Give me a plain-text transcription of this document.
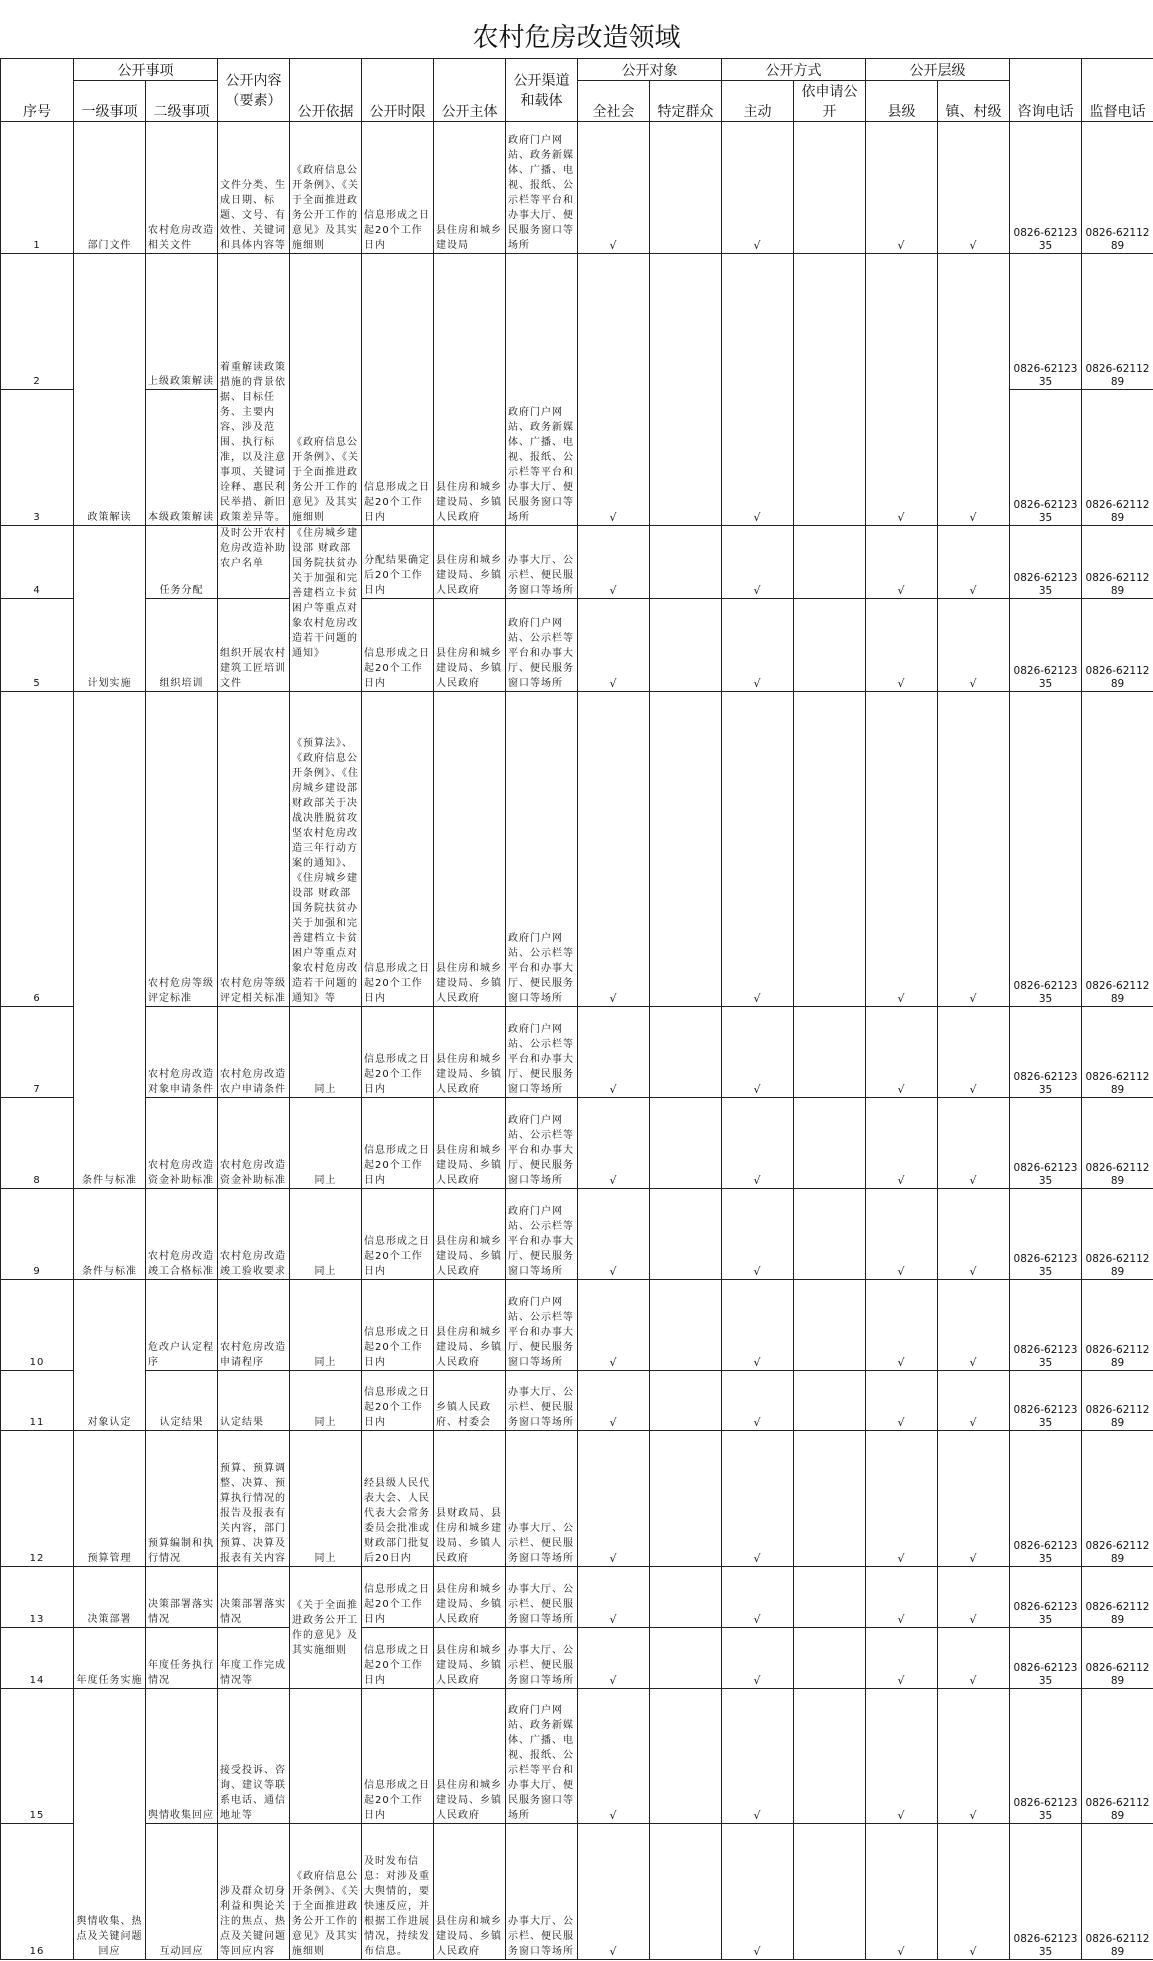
农村危房改造领域
序号	公开事项		公开内容（要素）	公开依据	公开时限	公开主体	公开渠道和载体	公开对象		公开方式		公开层级		咨询电话	监督电话
	一级事项	二级事项						全社会	特定群众	主动	依申请公开	县级	镇、村级		
1	部门文件	农村危房改造相关文件	文件分类、生成日期、标题、文号、有效性、关键词和具体内容等	《政府信息公开条例》、《关于全面推进政务公开工作的意见》及其实施细则	信息形成之日起20个工作日内	县住房和城乡建设局	政府门户网站、政务新媒体、广播、电视、报纸、公示栏等平台和办事大厅、便民服务窗口等场所	√		√		√	√	0826-6212335	0826-6211289
2	政策解读	上级政策解读	着重解读政策措施的背景依据、目标任务、主要内容、涉及范围、执行标准，以及注意事项、关键词诠释、惠民利民举措、新旧政策差异等。	《政府信息公开条例》、《关于全面推进政务公开工作的意见》及其实施细则	信息形成之日起20个工作日内	县住房和城乡建设局、乡镇人民政府	政府门户网站、政务新媒体、广播、电视、报纸、公示栏等平台和办事大厅、便民服务窗口等场所	√		√		√	√	0826-6212335	0826-6211289
3		本级政策解读												0826-6212335	0826-6211289
4	计划实施	任务分配	及时公开农村危房改造补助农户名单	《住房城乡建设部 财政部 国务院扶贫办关于加强和完善建档立卡贫困户等重点对象农村危房改造若干问题的通知》	分配结果确定后20个工作日内	县住房和城乡建设局、乡镇人民政府	办事大厅、公示栏、便民服务窗口等场所	√		√		√	√	0826-6212335	0826-6211289
5		组织培训	组织开展农村建筑工匠培训文件		信息形成之日起20个工作日内	县住房和城乡建设局、乡镇人民政府	政府门户网站、公示栏等平台和办事大厅、便民服务窗口等场所	√		√		√	√	0826-6212335	0826-6211289
6	条件与标准	农村危房等级评定标准	农村危房等级评定相关标准	《预算法》、《政府信息公开条例》、《住房城乡建设部财政部关于决战决胜脱贫攻坚农村危房改造三年行动方案的通知》、《住房城乡建设部 财政部国务院扶贫办关于加强和完善建档立卡贫困户等重点对象农村危房改造若干问题的通知》等	信息形成之日起20个工作日内	县住房和城乡建设局、乡镇人民政府	政府门户网站、公示栏等平台和办事大厅、便民服务窗口等场所	√		√		√	√	0826-6212335	0826-6211289
7		农村危房改造对象申请条件	农村危房改造农户申请条件	同上	信息形成之日起20个工作日内	县住房和城乡建设局、乡镇人民政府	政府门户网站、公示栏等平台和办事大厅、便民服务窗口等场所	√		√		√	√	0826-6212335	0826-6211289
8		农村危房改造资金补助标准	农村危房改造资金补助标准	同上	信息形成之日起20个工作日内	县住房和城乡建设局、乡镇人民政府	政府门户网站、公示栏等平台和办事大厅、便民服务窗口等场所	√		√		√	√	0826-6212335	0826-6211289
9	条件与标准	农村危房改造竣工合格标准	农村危房改造竣工验收要求	同上	信息形成之日起20个工作日内	县住房和城乡建设局、乡镇人民政府	政府门户网站、公示栏等平台和办事大厅、便民服务窗口等场所	√		√		√	√	0826-6212335	0826-6211289
10	对象认定	危改户认定程序	农村危房改造申请程序	同上	信息形成之日起20个工作日内	县住房和城乡建设局、乡镇人民政府	政府门户网站、公示栏等平台和办事大厅、便民服务窗口等场所	√		√		√	√	0826-6212335	0826-6211289
11		认定结果	认定结果	同上	信息形成之日起20个工作日内	乡镇人民政府、村委会	办事大厅、公示栏、便民服务窗口等场所	√		√		√	√	0826-6212335	0826-6211289
12	预算管理	预算编制和执行情况	预算、预算调整、决算、预算执行情况的报告及报表有关内容，部门预算、决算及报表有关内容	同上	经县级人民代表大会、人民代表大会常务委员会批准或财政部门批复后20日内	县财政局、县住房和城乡建设局、乡镇人民政府	办事大厅、公示栏、便民服务窗口等场所	√		√		√	√	0826-6212335	0826-6211289
13	决策部署	决策部署落实情况	决策部署落实情况	《关于全面推进政务公开工作的意见》及其实施细则	信息形成之日起20个工作日内	县住房和城乡建设局、乡镇人民政府	办事大厅、公示栏、便民服务窗口等场所	√		√		√	√	0826-6212335	0826-6211289
14	年度任务实施	年度任务执行情况	年度工作完成情况等		信息形成之日起20个工作日内	县住房和城乡建设局、乡镇人民政府	办事大厅、公示栏、便民服务窗口等场所	√		√		√	√	0826-6212335	0826-6211289
15	舆情收集、热点及关键问题回应	舆情收集回应	接受投诉、咨询、建议等联系电话、通信地址等		信息形成之日起20个工作日内	县住房和城乡建设局、乡镇人民政府	政府门户网站、政务新媒体、广播、电视、报纸、公示栏等平台和办事大厅、便民服务窗口等场所	√		√		√	√	0826-6212335	0826-6211289
16		互动回应	涉及群众切身利益和舆论关注的焦点、热点及关键问题等回应内容	《政府信息公开条例》、《关于全面推进政务公开工作的意见》及其实施细则	及时发布信息：对涉及重大舆情的，要快速反应，并根据工作进展情况，持续发布信息。	县住房和城乡建设局、乡镇人民政府	办事大厅、公示栏、便民服务窗口等场所	√		√		√	√	0826-6212335	0826-6211289
